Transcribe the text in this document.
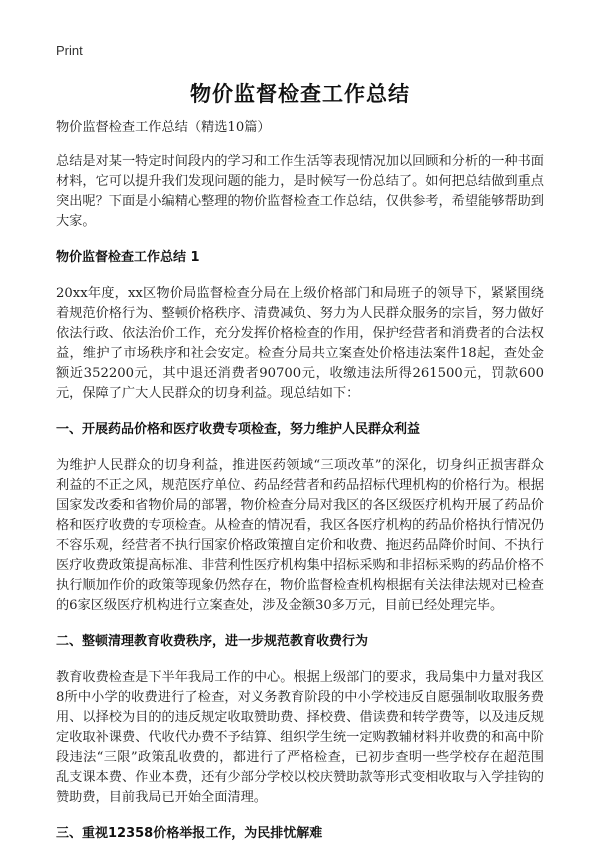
Print
物价监督检查工作总结

物价监督检查工作总结（精选10篇）

总结是对某一特定时间段内的学习和工作生活等表现情况加以回顾和分析的一种书面材料，它可以提升我们发现问题的能力，是时候写一份总结了。如何把总结做到重点突出呢？下面是小编精心整理的物价监督检查工作总结，仅供参考，希望能够帮助到大家。

物价监督检查工作总结 1

20xx年度，xx区物价局监督检查分局在上级价格部门和局班子的领导下，紧紧围绕着规范价格行为、整顿价格秩序、清费减负、努力为人民群众服务的宗旨，努力做好依法行政、依法治价工作，充分发挥价格检查的作用，保护经营者和消费者的合法权益，维护了市场秩序和社会安定。检查分局共立案查处价格违法案件18起，查处金额近352200元，其中退还消费者90700元，收缴违法所得261500元，罚款600元，保障了广大人民群众的切身利益。现总结如下：

一、开展药品价格和医疗收费专项检查，努力维护人民群众利益

为维护人民群众的切身利益，推进医药领域“三项改革”的深化，切身纠正损害群众利益的不正之风，规范医疗单位、药品经营者和药品招标代理机构的价格行为。根据国家发改委和省物价局的部署，物价检查分局对我区的各区级医疗机构开展了药品价格和医疗收费的专项检查。从检查的情况看，我区各医疗机构的药品价格执行情况仍不容乐观，经营者不执行国家价格政策擅自定价和收费、拖迟药品降价时间、不执行医疗收费政策提高标准、非营利性医疗机构集中招标采购和非招标采购的药品价格不执行顺加作价的政策等现象仍然存在，物价监督检查机构根据有关法律法规对已检查的6家区级医疗机构进行立案查处，涉及金额30多万元，目前已经处理完毕。

二、整顿清理教育收费秩序，进一步规范教育收费行为

教育收费检查是下半年我局工作的中心。根据上级部门的要求，我局集中力量对我区8所中小学的收费进行了检查，对义务教育阶段的中小学校违反自愿强制收取服务费用、以择校为目的的违反规定收取赞助费、择校费、借读费和转学费等，以及违反规定收取补课费、代收代办费不予结算、组织学生统一定购教辅材料并收费的和高中阶段违法“三限”政策乱收费的，都进行了严格检查，已初步查明一些学校存在超范围乱支课本费、作业本费，还有少部分学校以校庆赞助款等形式变相收取与入学挂钩的赞助费，目前我局已开始全面清理。

三、重视12358价格举报工作，为民排忧解难
